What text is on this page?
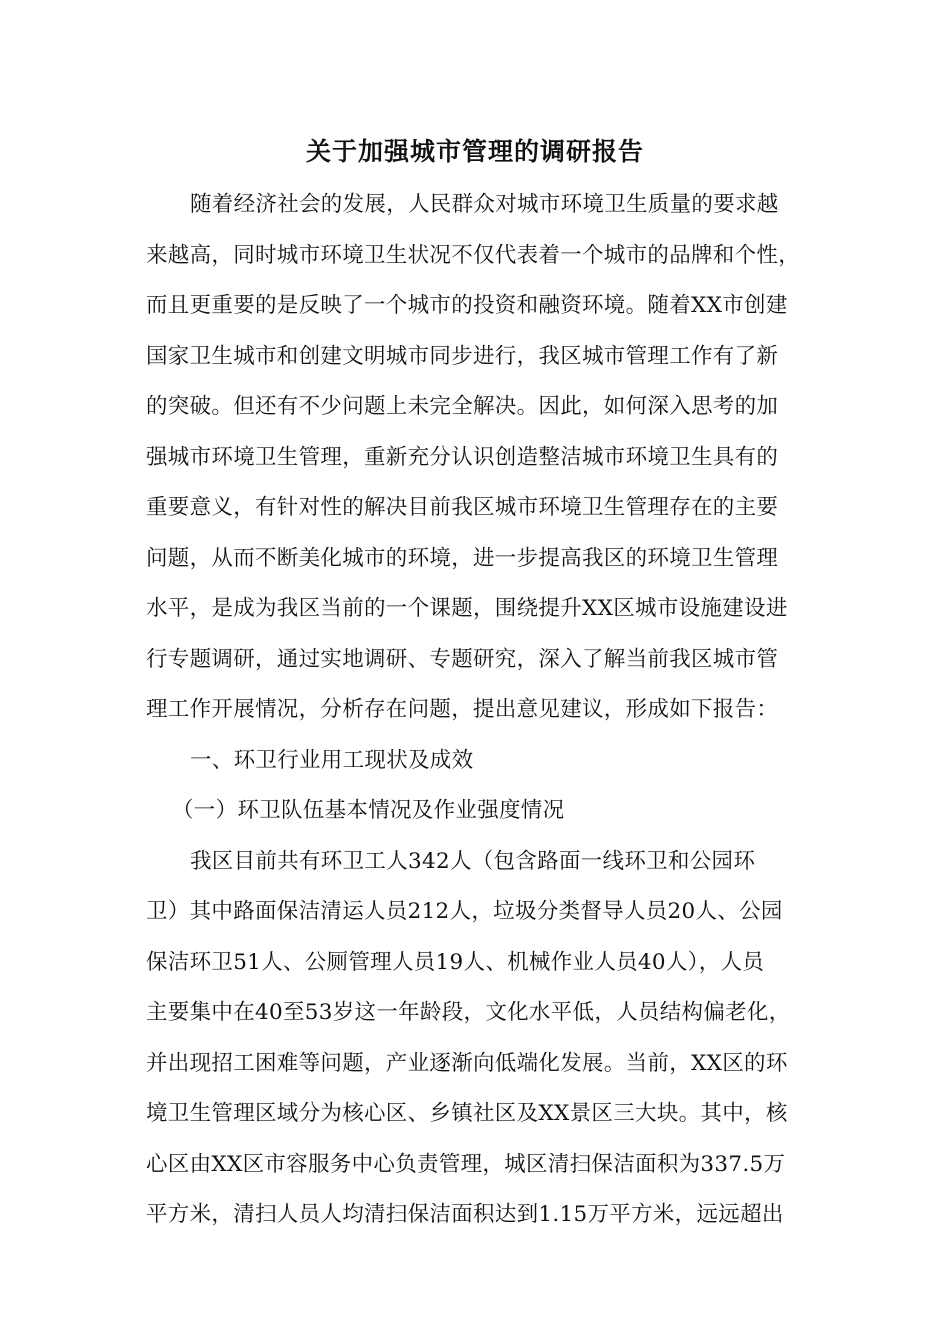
关于加强城市管理的调研报告
随着经济社会的发展，人民群众对城市环境卫生质量的要求越
来越高，同时城市环境卫生状况不仅代表着一个城市的品牌和个性，
而且更重要的是反映了一个城市的投资和融资环境。随着XX市创建
国家卫生城市和创建文明城市同步进行，我区城市管理工作有了新
的突破。但还有不少问题上未完全解决。因此，如何深入思考的加
强城市环境卫生管理，重新充分认识创造整洁城市环境卫生具有的
重要意义，有针对性的解决目前我区城市环境卫生管理存在的主要
问题，从而不断美化城市的环境，进一步提高我区的环境卫生管理
水平，是成为我区当前的一个课题，围绕提升XX区城市设施建设进
行专题调研，通过实地调研、专题研究，深入了解当前我区城市管
理工作开展情况，分析存在问题，提出意见建议，形成如下报告：
一、环卫行业用工现状及成效
（一）环卫队伍基本情况及作业强度情况
我区目前共有环卫工人342人（包含路面一线环卫和公园环
卫）其中路面保洁清运人员212人，垃圾分类督导人员20人、公园
保洁环卫51人、公厕管理人员19人、机械作业人员40人），人员
主要集中在40至53岁这一年龄段，文化水平低，人员结构偏老化，
并出现招工困难等问题，产业逐渐向低端化发展。当前，XX区的环
境卫生管理区域分为核心区、乡镇社区及XX景区三大块。其中，核
心区由XX区市容服务中心负责管理，城区清扫保洁面积为337.5万
平方米，清扫人员人均清扫保洁面积达到1.15万平方米，远远超出
